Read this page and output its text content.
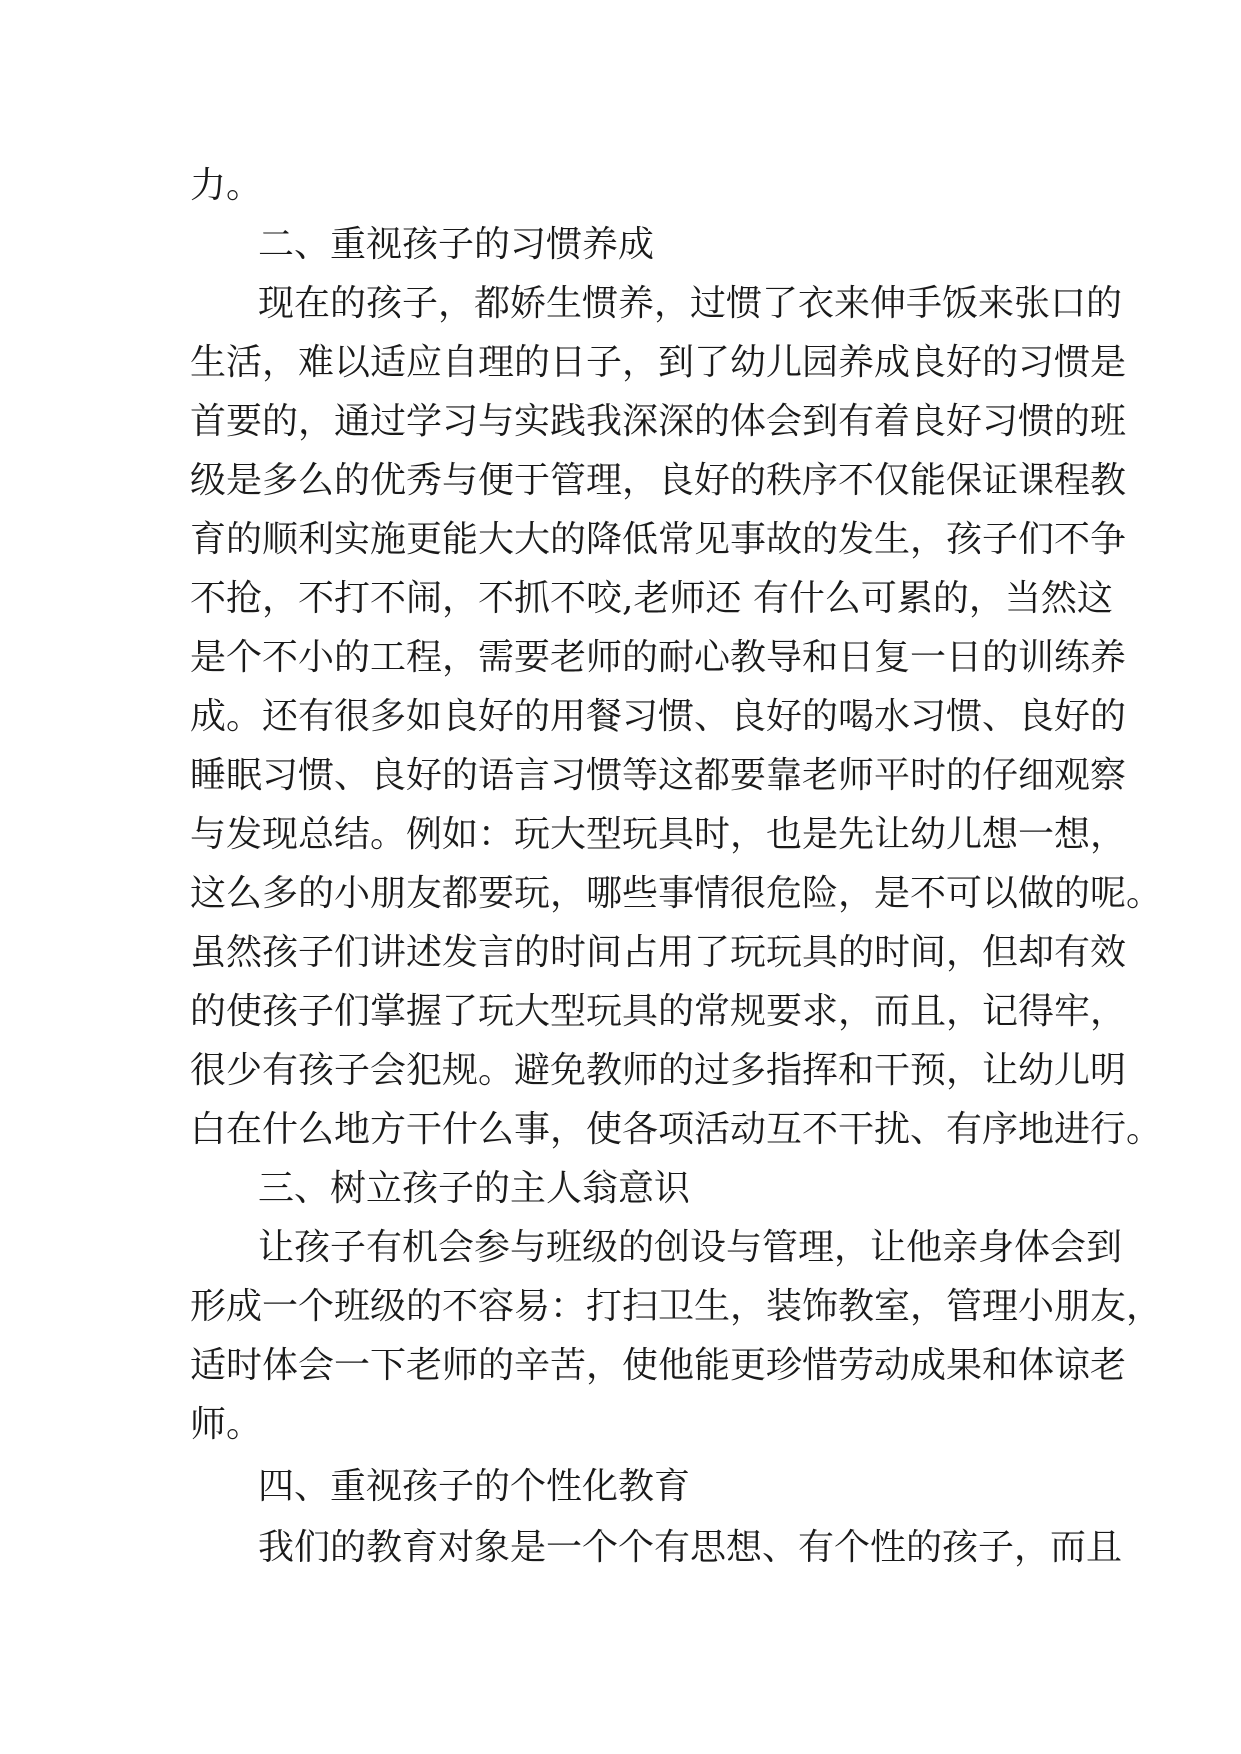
力。

二、重视孩子的习惯养成

现在的孩子，都娇生惯养，过惯了衣来伸手饭来张口的

生活，难以适应自理的日子，到了幼儿园养成良好的习惯是

首要的，通过学习与实践我深深的体会到有着良好习惯的班

级是多么的优秀与便于管理，良好的秩序不仅能保证课程教

育的顺利实施更能大大的降低常见事故的发生，孩子们不争

不抢，不打不闹，不抓不咬,老师还 有什么可累的，当然这

是个不小的工程，需要老师的耐心教导和日复一日的训练养

成。还有很多如良好的用餐习惯、良好的喝水习惯、良好的

睡眠习惯、良好的语言习惯等这都要靠老师平时的仔细观察

与发现总结。例如：玩大型玩具时，也是先让幼儿想一想，

这么多的小朋友都要玩，哪些事情很危险，是不可以做的呢。

虽然孩子们讲述发言的时间占用了玩玩具的时间，但却有效

的使孩子们掌握了玩大型玩具的常规要求，而且，记得牢，

很少有孩子会犯规。避免教师的过多指挥和干预，让幼儿明

白在什么地方干什么事，使各项活动互不干扰、有序地进行。

三、树立孩子的主人翁意识

让孩子有机会参与班级的创设与管理，让他亲身体会到

形成一个班级的不容易：打扫卫生，装饰教室，管理小朋友，

适时体会一下老师的辛苦，使他能更珍惜劳动成果和体谅老

师。

四、重视孩子的个性化教育

我们的教育对象是一个个有思想、有个性的孩子，而且
